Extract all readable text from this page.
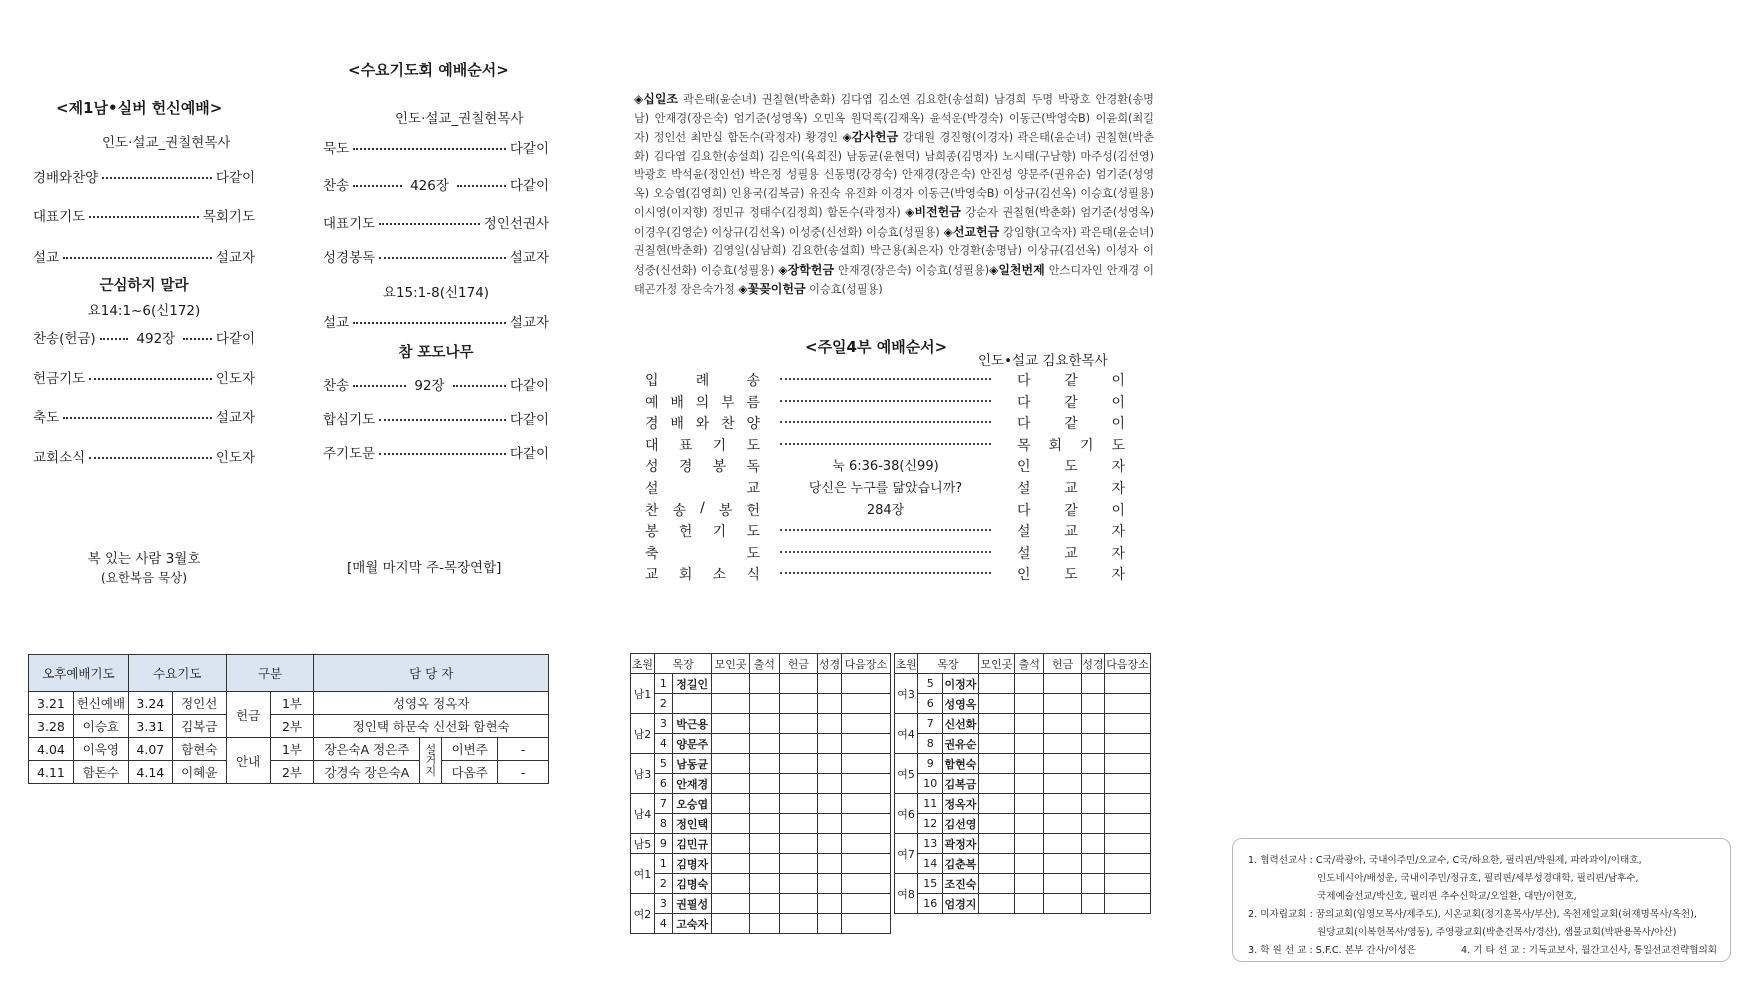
<제1남•실버 헌신예배>
인도·설교_권칠현목사
경배와찬양	다같이
대표기도	목회기도
설교	설교자
근심하지 말라
요14:1~6(신172)
찬송(헌금)	492장	다같이
헌금기도	인도자
축도	설교자
교회소식	인도자
복 있는 사람 3월호
(요한복음 묵상)
<수요기도회 예배순서>
인도·설교_권칠현목사
묵도	다같이
찬송	426장	다같이
대표기도	정인선권사
성경봉독	설교자
요15:1-8(신174)
설교	설교자
참 포도나무
찬송	92장	다같이
합심기도	다같이
주기도문	다같이
[매월 마지막 주-목장연합]
◈십일조 곽은태(윤순녀) 권칠현(박춘화) 김다엽 김소연 김요한(송설희) 남경희 두명 박광호 안경환(송명남) 안재경(장은숙) 엄기준(성영옥) 오민옥 원덕록(김재옥) 윤석운(박경숙) 이동근(박영숙B) 이윤희(최길자) 정인선 최만실 함돈수(곽정자) 황경인 ◈감사헌금 강대원 경진형(이경자) 곽은태(윤순녀) 권칠현(박춘화) 김다엽 김요한(송설희) 김은익(육희진) 남동균(윤현덕) 남희종(김명자) 노시태(구남향) 마주성(김선영) 박광호 박석윤(정인선) 박은정 성필용 신동명(강경숙) 안재경(장은숙) 안진성 양문주(권유순) 엄기준(성영옥) 오승엽(김영희) 인용국(김복금) 유진숙 유진화 이경자 이동근(박영숙B) 이상규(김선옥) 이승효(성필용) 이시영(이지향) 정민규 정태수(김정희) 함돈수(곽정자) ◈비전헌금 강순자 권칠현(박춘화) 엄기준(성영옥) 이경우(김영순) 이상규(김선옥) 이성중(신선화) 이승효(성필용) ◈선교헌금 강임향(고숙자) 곽은태(윤순녀) 권칠현(박춘화) 김영일(심남희) 김요한(송설희) 박근용(최은자) 안경환(송명남) 이상규(김선옥) 이성자 이성중(신선화) 이승효(성필용) ◈장학헌금 안재경(장은숙) 이승효(성필용)◈일천번제 안스디자인 안재경 이태곤가정 장은숙가정 ◈꽃꽂이헌금 이승효(성필용)
<주일4부 예배순서>
인도•설교 김요한목사
입	례	송	다 같 이
예 배 의 부 름	다 같 이
경 배 와 찬 양	다 같 이
대 표 기 도	목 회 기 도
성 경 봉 독	눅 6:36-38(신99)	인 도 자
설	교	당신은 누구를 닮았습니까?	설 교 자
찬 송 / 봉 헌	284장	다 같 이
봉 헌 기 도	설 교 자
축	도	설 교 자
교 회 소 식	인 도 자
오후예배기도		수요기도		구분		담 당 자			
3.21	헌신예배	3.24	정인선	헌금	1부	성영옥 정옥자			
3.28	이승효	3.31	김복금		2부	정인택 하문숙 신선화 함현숙			
4.04	이욱영	4.07	함현숙	안내	1부	장은숙A 정은주	설거지	이변주	-
4.11	함돈수	4.14	이혜윤		2부	강경숙 장은숙A		다옴주	-
초원	목장		모인곳	출석	헌금	성경	다음장소
남1	1	정길인					
	2						
남2	3	박근용					
	4	양문주					
남3	5	남동균					
	6	안재경					
남4	7	오승엽					
	8	정인택					
남5	9	김민규					
여1	1	김명자					
	2	김명숙					
여2	3	권필성					
	4	고숙자					
초원	목장		모인곳	출석	헌금	성경	다음장소
여3	5	이정자					
	6	성영옥					
여4	7	신선화					
	8	권유순					
여5	9	함현숙					
	10	김복금					
여6	11	정옥자					
	12	김선영					
여7	13	곽정자					
	14	김춘복					
여8	15	조진숙					
	16	엄경지					
1. 협력선교사 : C국/곽광아, 국내이주민/오교수, C국/하요한, 필리핀/박원제, 파라과이/이태호,
인도네시아/배성운, 국내이주민/정규호, 필리핀/세부성경대학, 필리핀/남후수,
국제예술선교/박신호, 필리핀 추수신학교/오일환, 대만/이현호,
2. 미자립교회 : 꿈의교회(임영모목사/제주도), 시온교회(정기훈목사/부산), 옥천제일교회(허재명목사/옥천),
원당교회(이복헌목사/영동), 주영광교회(박춘건목사/경산), 샘물교회(박판용목사/아산)
3. 학 원 선 교 : S.F.C. 본부 간사/이성은	4. 기 타 선 교 : 기독교보사, 월간고신사, 통일선교전략협의회
